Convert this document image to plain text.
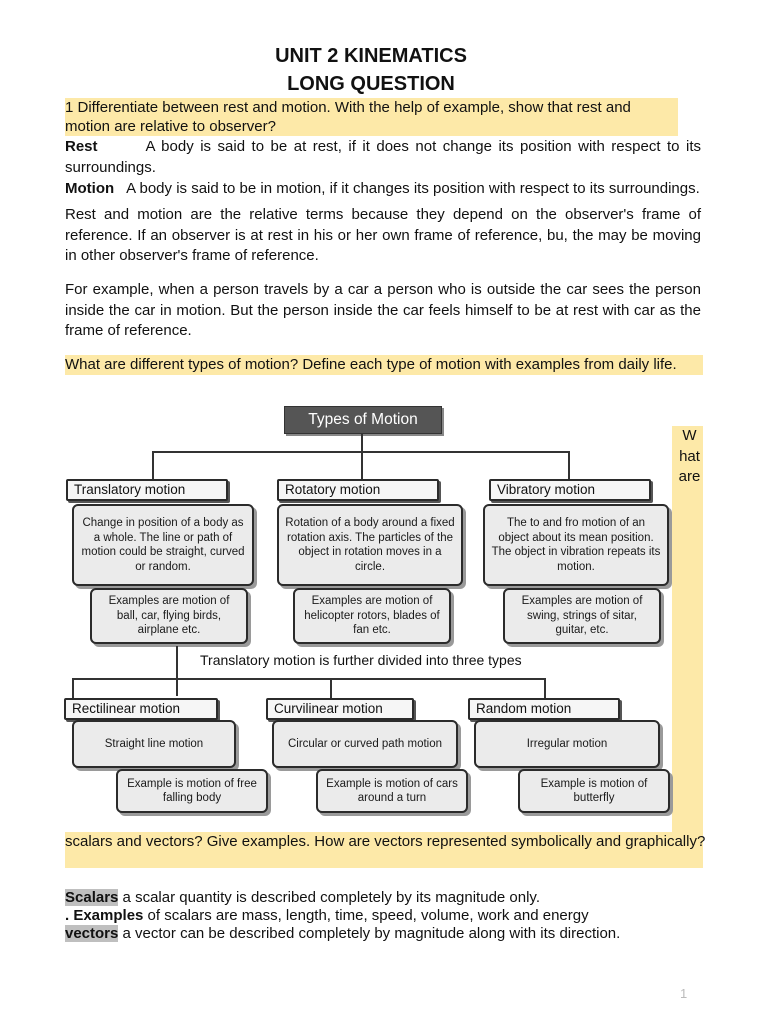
UNIT 2 KINEMATICS
LONG QUESTION
1 Differentiate between rest and motion. With the help of example, show that rest and motion are relative to observer?
Rest	A body is said to be at rest, if it does not change its position with respect to its surroundings.
Motion A body is said to be in motion, if it changes its position with respect to its surroundings.
Rest and motion are the relative terms because they depend on the observer's frame of reference. If an observer is at rest in his or her own frame of reference, bu, the may be moving in other observer's frame of reference.
For example, when a person travels by a car a person who is outside the car sees the person inside the car in motion. But the person inside the car feels himself to be at rest with car as the frame of reference.
What are different types of motion? Define each type of motion with examples from daily life.
W
hat
are
Types of Motion
Translatory motion
Change in position of a body as a whole. The line or path of motion could be straight, curved or random.
Examples are motion of ball, car, flying birds, airplane etc.
Rotatory motion
Rotation of a body around a fixed rotation axis. The particles of the object in rotation moves in a circle.
Examples are motion of helicopter rotors, blades of fan etc.
Vibratory motion
The to and fro motion of an object about its mean position. The object in vibration repeats its motion.
Examples are motion of swing, strings of sitar, guitar, etc.
Translatory motion is further divided into three types
Rectilinear motion
Straight line motion
Example is motion of free falling body
Curvilinear motion
Circular or curved path motion
Example is motion of cars around a turn
Random motion
Irregular motion
Example is motion of butterfly
scalars and vectors? Give examples. How are vectors represented symbolically and graphically?
Scalars a scalar quantity is described completely by its magnitude only.
. Examples of scalars are mass, length, time, speed, volume, work and energy
vectors a vector can be described completely by magnitude along with its direction.
1
